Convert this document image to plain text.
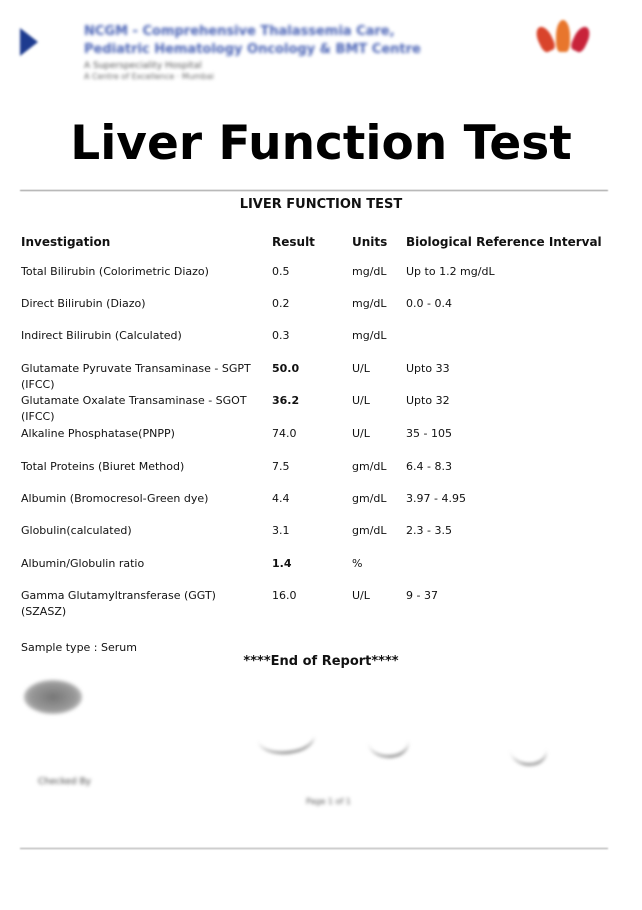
NCGM - Comprehensive Thalassemia Care,
Pediatric Hematology Oncology & BMT Centre
A Superspeciality Hospital
A Centre of Excellence · Mumbai
Liver Function Test
LIVER FUNCTION TEST
Investigation	Result	Units Biological Reference Interval
Total Bilirubin (Colorimetric Diazo)	0.5	mg/dL Up to 1.2 mg/dL
Direct Bilirubin (Diazo)	0.2	mg/dL 0.0 - 0.4
Indirect Bilirubin (Calculated)	0.3	mg/dL
Glutamate Pyruvate Transaminase - SGPT (IFCC)
50.0	U/L	Upto 33
Glutamate Oxalate Transaminase - SGOT (IFCC)
36.2	U/L	Upto 32
Alkaline Phosphatase(PNPP)	74.0	U/L	35 - 105
Total Proteins (Biuret Method)	7.5	gm/dL 6.4 - 8.3
Albumin (Bromocresol-Green dye)	4.4	gm/dL 3.97 - 4.95
Globulin(calculated)	3.1	gm/dL 2.3 - 3.5
Albumin/Globulin ratio	1.4	%
Gamma Glutamyltransferase (GGT) (SZASZ)
16.0	U/L	9 - 37
Sample type : Serum
****End of Report****
Checked By
Page 1 of 1
